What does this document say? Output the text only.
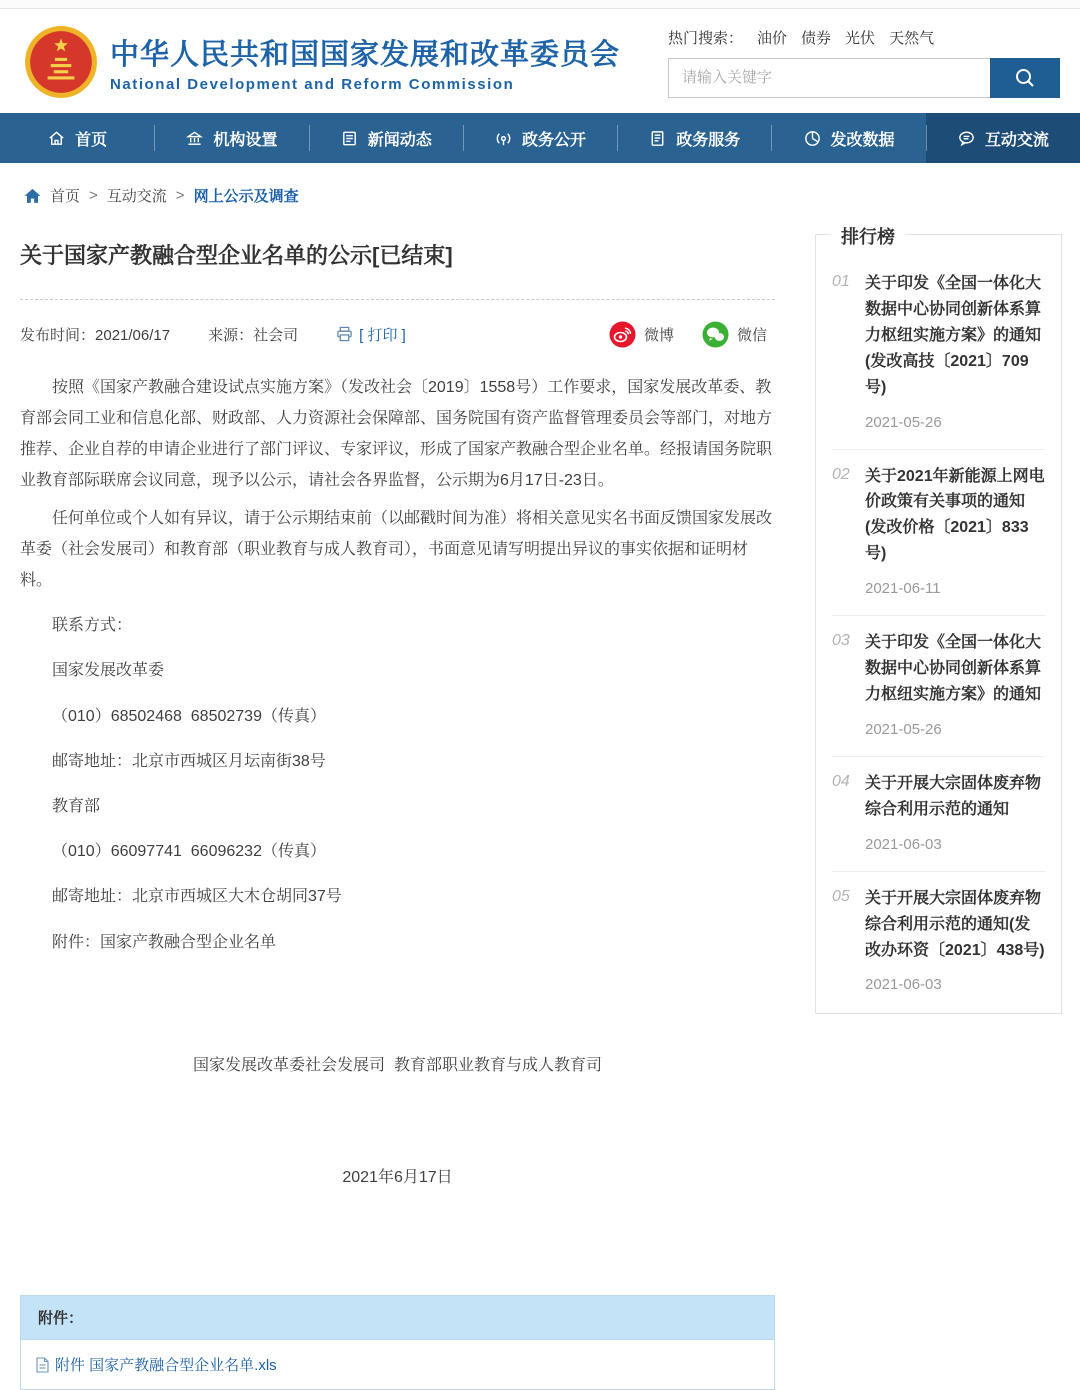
中华人民共和国国家发展和改革委员会
National Development and Reform Commission
热门搜索： 油价 债券 光伏 天然气
请输入关键字
首页	机构设置	新闻动态	政务公开	政务服务	发改数据	互动交流
首页 > 互动交流 > 网上公示及调查
关于国家产教融合型企业名单的公示[已结束]
发布时间：2021/06/17	来源：社会司	[ 打印 ]	微博	微信

按照《国家产教融合建设试点实施方案》（发改社会〔2019〕1558号）工作要求，国家发展改革委、教育部会同工业和信息化部、财政部、人力资源社会保障部、国务院国有资产监督管理委员会等部门，对地方推荐、企业自荐的申请企业进行了部门评议、专家评议，形成了国家产教融合型企业名单。经报请国务院职业教育部际联席会议同意，现予以公示，请社会各界监督，公示期为6月17日-23日。

任何单位或个人如有异议，请于公示期结束前（以邮戳时间为准）将相关意见实名书面反馈国家发展改革委（社会发展司）和教育部（职业教育与成人教育司），书面意见请写明提出异议的事实依据和证明材料。

联系方式：
国家发展改革委
（010）68502468  68502739（传真）
邮寄地址：北京市西城区月坛南街38号
教育部
（010）66097741  66096232（传真）
邮寄地址：北京市西城区大木仓胡同37号
附件：国家产教融合型企业名单

国家发展改革委社会发展司  教育部职业教育与成人教育司

2021年6月17日

附件：
附件 国家产教融合型企业名单.xls
排行榜
01 关于印发《全国一体化大数据中心协同创新体系算力枢纽实施方案》的通知(发改高技〔2021〕709号)
2021-05-26
02 关于2021年新能源上网电价政策有关事项的通知(发改价格〔2021〕833号)
2021-06-11
03 关于印发《全国一体化大数据中心协同创新体系算力枢纽实施方案》的通知
2021-05-26
04 关于开展大宗固体废弃物综合利用示范的通知
2021-06-03
05 关于开展大宗固体废弃物综合利用示范的通知(发改办环资〔2021〕438号)
2021-06-03
